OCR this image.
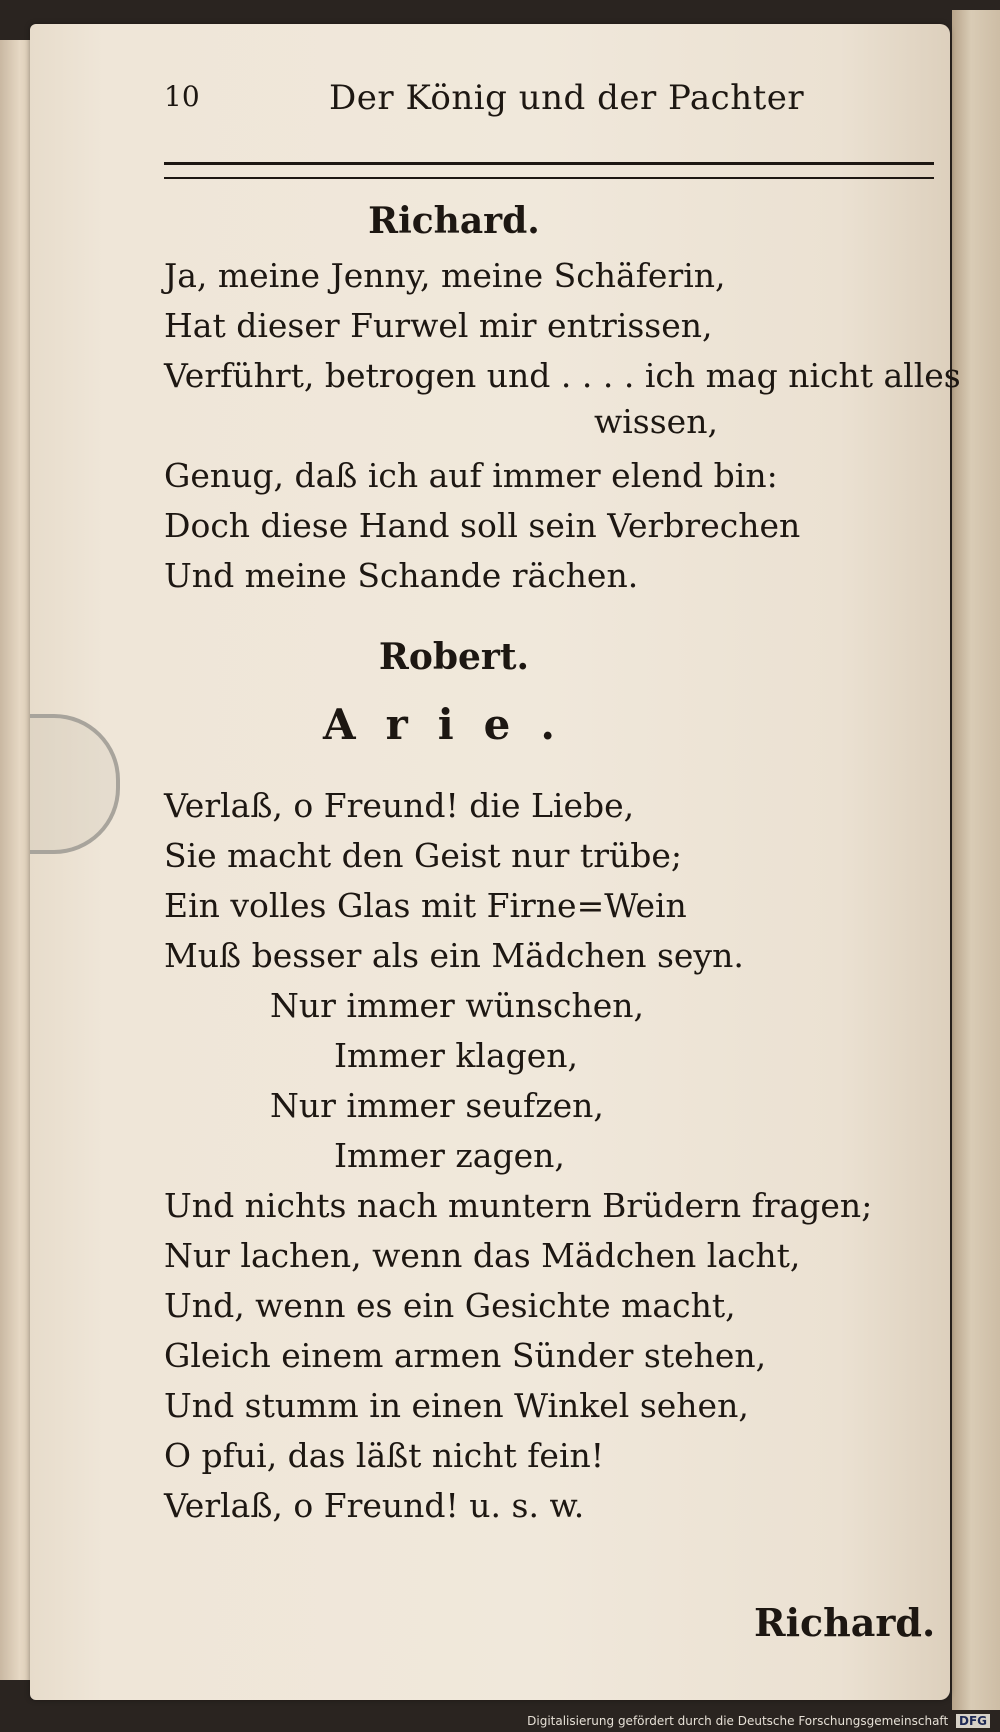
10	Der König und der Pachter
Richard.
Ja, meine Jenny, meine Schäferin,
Hat dieser Furwel mir entrissen,
Verführt, betrogen und . . . . ich mag nicht alles
wissen,
Genug, daß ich auf immer elend bin:
Doch diese Hand soll sein Verbrechen
Und meine Schande rächen.
Robert.
Arie.
Verlaß, o Freund! die Liebe,
Sie macht den Geist nur trübe;
Ein volles Glas mit Firne=Wein
Muß besser als ein Mädchen seyn.
Nur immer wünschen,
Immer klagen,
Nur immer seufzen,
Immer zagen,
Und nichts nach muntern Brüdern fragen;
Nur lachen, wenn das Mädchen lacht,
Und, wenn es ein Gesichte macht,
Gleich einem armen Sünder stehen,
Und stumm in einen Winkel sehen,
O pfui, das läßt nicht fein!
Verlaß, o Freund! u. s. w.
Richard.
Digitalisierung gefördert durch die Deutsche Forschungsgemeinschaft DFG
